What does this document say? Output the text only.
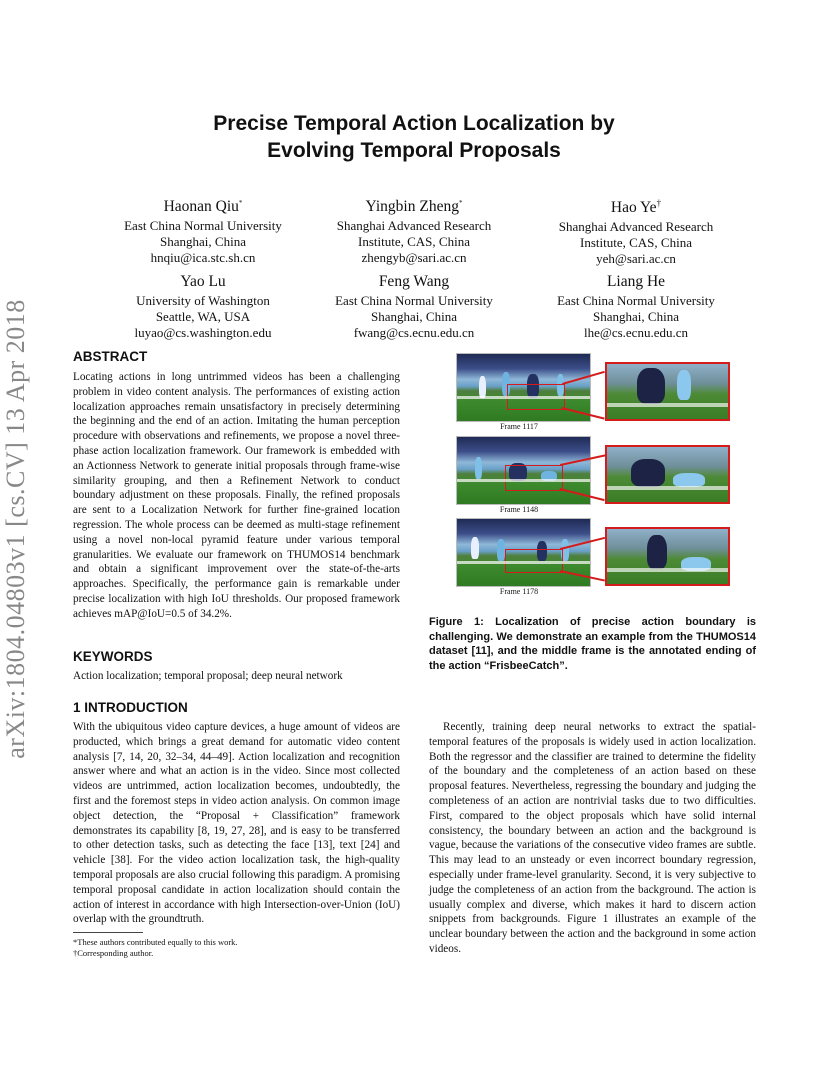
arXiv:1804.04803v1 [cs.CV] 13 Apr 2018
Precise Temporal Action Localization by
Evolving Temporal Proposals
Haonan Qiu*
East China Normal University
Shanghai, China
hnqiu@ica.stc.sh.cn
Yingbin Zheng*
Shanghai Advanced Research
Institute, CAS, China
zhengyb@sari.ac.cn
Hao Ye†
Shanghai Advanced Research
Institute, CAS, China
yeh@sari.ac.cn
Yao Lu
University of Washington
Seattle, WA, USA
luyao@cs.washington.edu
Feng Wang
East China Normal University
Shanghai, China
fwang@cs.ecnu.edu.cn
Liang He
East China Normal University
Shanghai, China
lhe@cs.ecnu.edu.cn
ABSTRACT
Locating actions in long untrimmed videos has been a challenging problem in video content analysis. The performances of existing action localization approaches remain unsatisfactory in precisely determining the beginning and the end of an action. Imitating the human perception procedure with observations and refinements, we propose a novel three-phase action localization framework. Our framework is embedded with an Actionness Network to generate initial proposals through frame-wise similarity grouping, and then a Refinement Network to conduct boundary adjustment on these proposals. Finally, the refined proposals are sent to a Localization Network for further fine-grained location regression. The whole process can be deemed as multi-stage refinement using a novel non-local pyramid feature under various temporal granularities. We evaluate our framework on THUMOS14 benchmark and obtain a significant improvement over the state-of-the-arts approaches. Specifically, the performance gain is remarkable under precise localization with high IoU thresholds. Our proposed framework achieves mAP@IoU=0.5 of 34.2%.
KEYWORDS
Action localization; temporal proposal; deep neural network
1 INTRODUCTION
With the ubiquitous video capture devices, a huge amount of videos are producted, which brings a great demand for automatic video content analysis [7, 14, 20, 32–34, 44–49]. Action localization and recognition answer where and what an action is in the video. Since most collected videos are untrimmed, action localization becomes, undoubtedly, the first and the foremost steps in video action analysis. On common image object detection, the “Proposal + Classification” framework demonstrates its capability [8, 19, 27, 28], and is easy to be transferred to other detection tasks, such as detecting the face [13], text [24] and vehicle [38]. For the video action localization task, the high-quality temporal proposals are also crucial following this paradigm. A promising temporal proposal candidate in action localization should contain the action of interest in accordance with high Intersection-over-Union (IoU) overlap with the groundtruth.
*These authors contributed equally to this work.
†Corresponding author.
Frame 1117
Frame 1148
Frame 1178
Figure 1: Localization of precise action boundary is challenging. We demonstrate an example from the THUMOS14 dataset [11], and the middle frame is the annotated ending of the action “FrisbeeCatch”.
Recently, training deep neural networks to extract the spatial-temporal features of the proposals is widely used in action localization. Both the regressor and the classifier are trained to determine the fidelity of the boundary and the completeness of an action based on these proposal features. Nevertheless, regressing the boundary and judging the completeness of an action are nontrivial tasks due to two difficulties. First, compared to the object proposals which have solid internal consistency, the boundary between an action and the background is vague, because the variations of the consecutive video frames are subtle. This may lead to an unsteady or even incorrect boundary regression, especially under frame-level granularity. Second, it is very subjective to judge the completeness of an action from the background. The action is usually complex and diverse, which makes it hard to discern action snippets from backgrounds. Figure 1 illustrates an example of the unclear boundary between the action and the background in some action videos.
